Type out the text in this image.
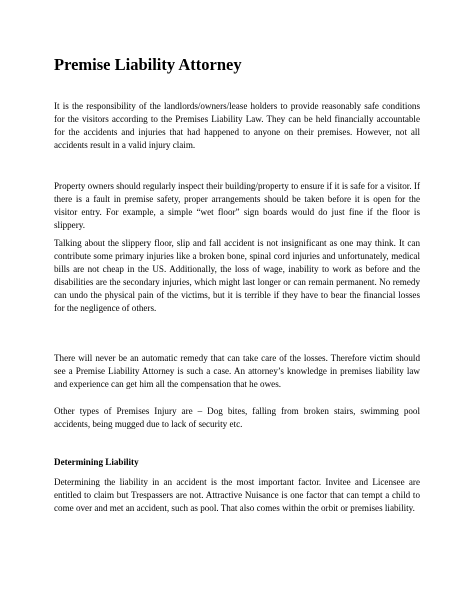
Premise Liability Attorney

It is the responsibility of the landlords/owners/lease holders to provide reasonably safe conditions for the visitors according to the Premises Liability Law. They can be held financially accountable for the accidents and injuries that had happened to anyone on their premises. However, not all accidents result in a valid injury claim.

Property owners should regularly inspect their building/property to ensure if it is safe for a visitor. If there is a fault in premise safety, proper arrangements should be taken before it is open for the visitor entry. For example, a simple “wet floor” sign boards would do just fine if the floor is slippery.

Talking about the slippery floor, slip and fall accident is not insignificant as one may think. It can contribute some primary injuries like a broken bone, spinal cord injuries and unfortunately, medical bills are not cheap in the US. Additionally, the loss of wage, inability to work as before and the disabilities are the secondary injuries, which might last longer or can remain permanent. No remedy can undo the physical pain of the victims, but it is terrible if they have to bear the financial losses for the negligence of others.

There will never be an automatic remedy that can take care of the losses. Therefore victim should see a Premise Liability Attorney is such a case. An attorney’s knowledge in premises liability law and experience can get him all the compensation that he owes.

Other types of Premises Injury are – Dog bites, falling from broken stairs, swimming pool accidents, being mugged due to lack of security etc.

Determining Liability

Determining the liability in an accident is the most important factor. Invitee and Licensee are entitled to claim but Trespassers are not. Attractive Nuisance is one factor that can tempt a child to come over and met an accident, such as pool. That also comes within the orbit or premises liability.
